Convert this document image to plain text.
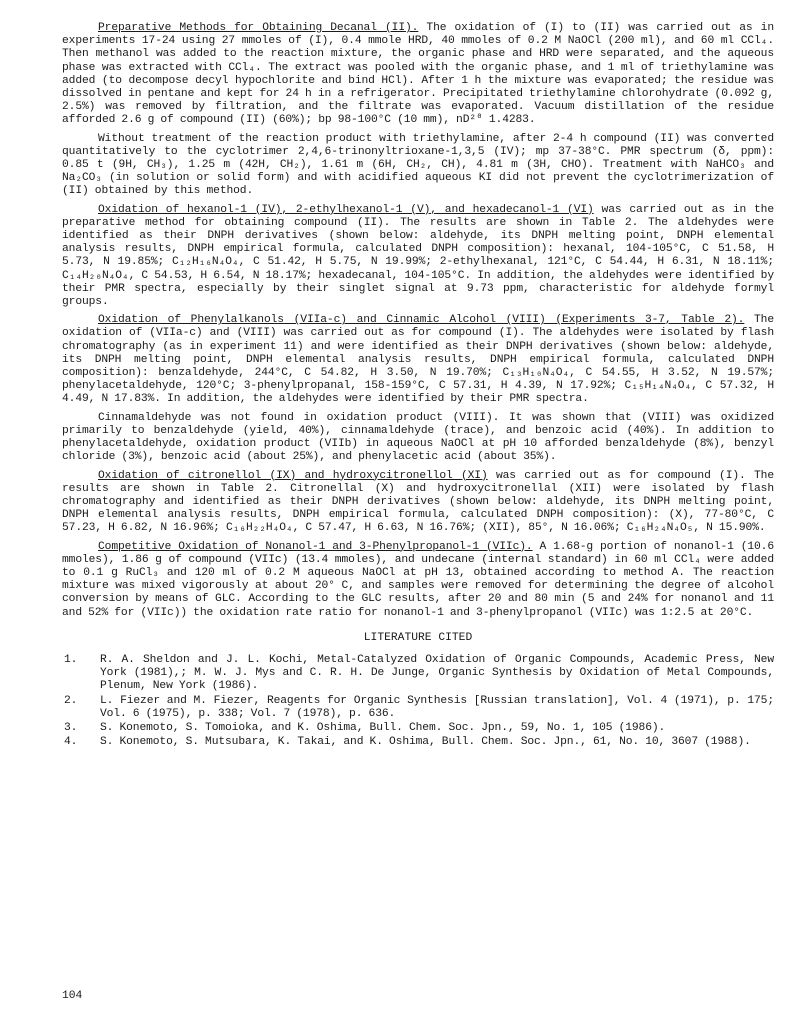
Preparative Methods for Obtaining Decanal (II). The oxidation of (I) to (II) was carried out as in experiments 17-24 using 27 mmoles of (I), 0.4 mmole HRD, 40 mmoles of 0.2 M NaOCl (200 ml), and 60 ml CCl₄. Then methanol was added to the reaction mixture, the organic phase and HRD were separated, and the aqueous phase was extracted with CCl₄. The extract was pooled with the organic phase, and 1 ml of triethylamine was added (to decompose decyl hypochlorite and bind HCl). After 1 h the mixture was evaporated; the residue was dissolved in pentane and kept for 24 h in a refrigerator. Precipitated triethylamine chlorohydrate (0.092 g, 2.5%) was removed by filtration, and the filtrate was evaporated. Vacuum distillation of the residue afforded 2.6 g of compound (II) (60%); bp 98-100°C (10 mm), nD²⁰ 1.4283.

Without treatment of the reaction product with triethylamine, after 2-4 h compound (II) was converted quantitatively to the cyclotrimer 2,4,6-trinonyltrioxane-1,3,5 (IV); mp 37-38°C. PMR spectrum (δ, ppm): 0.85 t (9H, CH₃), 1.25 m (42H, CH₂), 1.61 m (6H, CH₂, CH), 4.81 m (3H, CHO). Treatment with NaHCO₃ and Na₂CO₃ (in solution or solid form) and with acidified aqueous KI did not prevent the cyclotrimerization of (II) obtained by this method.

Oxidation of hexanol-1 (IV), 2-ethylhexanol-1 (V), and hexadecanol-1 (VI) was carried out as in the preparative method for obtaining compound (II). The results are shown in Table 2. The aldehydes were identified as their DNPH derivatives (shown below: aldehyde, its DNPH melting point, DNPH elemental analysis results, DNPH empirical formula, calculated DNPH composition): hexanal, 104-105°C, C 51.58, H 5.73, N 19.85%; C₁₂H₁₆N₄O₄, C 51.42, H 5.75, N 19.99%; 2-ethylhexanal, 121°C, C 54.44, H 6.31, N 18.11%; C₁₄H₂₀N₄O₄, C 54.53, H 6.54, N 18.17%; hexadecanal, 104-105°C. In addition, the aldehydes were identified by their PMR spectra, especially by their singlet signal at 9.73 ppm, characteristic for aldehyde formyl groups.

Oxidation of Phenylalkanols (VIIa-c) and Cinnamic Alcohol (VIII) (Experiments 3-7, Table 2). The oxidation of (VIIa-c) and (VIII) was carried out as for compound (I). The aldehydes were isolated by flash chromatography (as in experiment 11) and were identified as their DNPH derivatives (shown below: aldehyde, its DNPH melting point, DNPH elemental analysis results, DNPH empirical formula, calculated DNPH composition): benzaldehyde, 244°C, C 54.82, H 3.50, N 19.70%; C₁₃H₁₀N₄O₄, C 54.55, H 3.52, N 19.57%; phenylacetaldehyde, 120°C; 3-phenylpropanal, 158-159°C, C 57.31, H 4.39, N 17.92%; C₁₅H₁₄N₄O₄, C 57.32, H 4.49, N 17.83%. In addition, the aldehydes were identified by their PMR spectra.

Cinnamaldehyde was not found in oxidation product (VIII). It was shown that (VIII) was oxidized primarily to benzaldehyde (yield, 40%), cinnamaldehyde (trace), and benzoic acid (40%). In addition to phenylacetaldehyde, oxidation product (VIIb) in aqueous NaOCl at pH 10 afforded benzaldehyde (8%), benzyl chloride (3%), benzoic acid (about 25%), and phenylacetic acid (about 35%).

Oxidation of citronellol (IX) and hydroxycitronellol (XI) was carried out as for compound (I). The results are shown in Table 2. Citronellal (X) and hydroxycitronellal (XII) were isolated by flash chromatography and identified as their DNPH derivatives (shown below: aldehyde, its DNPH melting point, DNPH elemental analysis results, DNPH empirical formula, calculated DNPH composition): (X), 77-80°C, C 57.23, H 6.82, N 16.96%; C₁₆H₂₂H₄O₄, C 57.47, H 6.63, N 16.76%; (XII), 85°, N 16.06%; C₁₆H₂₄N₄O₅, N 15.90%.

Competitive Oxidation of Nonanol-1 and 3-Phenylpropanol-1 (VIIc). A 1.68-g portion of nonanol-1 (10.6 mmoles), 1.86 g of compound (VIIc) (13.4 mmoles), and undecane (internal standard) in 60 ml CCl₄ were added to 0.1 g RuCl₃ and 120 ml of 0.2 M aqueous NaOCl at pH 13, obtained according to method A. The reaction mixture was mixed vigorously at about 20° C, and samples were removed for determining the degree of alcohol conversion by means of GLC. According to the GLC results, after 20 and 80 min (5 and 24% for nonanol and 11 and 52% for (VIIc)) the oxidation rate ratio for nonanol-1 and 3-phenylpropanol (VIIc) was 1:2.5 at 20°C.

LITERATURE CITED
1.	R. A. Sheldon and J. L. Kochi, Metal-Catalyzed Oxidation of Organic Compounds, Academic Press, New York (1981),; M. W. J. Mys and C. R. H. De Junge, Organic Synthesis by Oxidation of Metal Compounds, Plenum, New York (1986).
2.	L. Fiezer and M. Fiezer, Reagents for Organic Synthesis [Russian translation], Vol. 4 (1971), p. 175; Vol. 6 (1975), p. 338; Vol. 7 (1978), p. 636.
3.	S. Konemoto, S. Tomoioka, and K. Oshima, Bull. Chem. Soc. Jpn., 59, No. 1, 105 (1986).
4.	S. Konemoto, S. Mutsubara, K. Takai, and K. Oshima, Bull. Chem. Soc. Jpn., 61, No. 10, 3607 (1988).
104
